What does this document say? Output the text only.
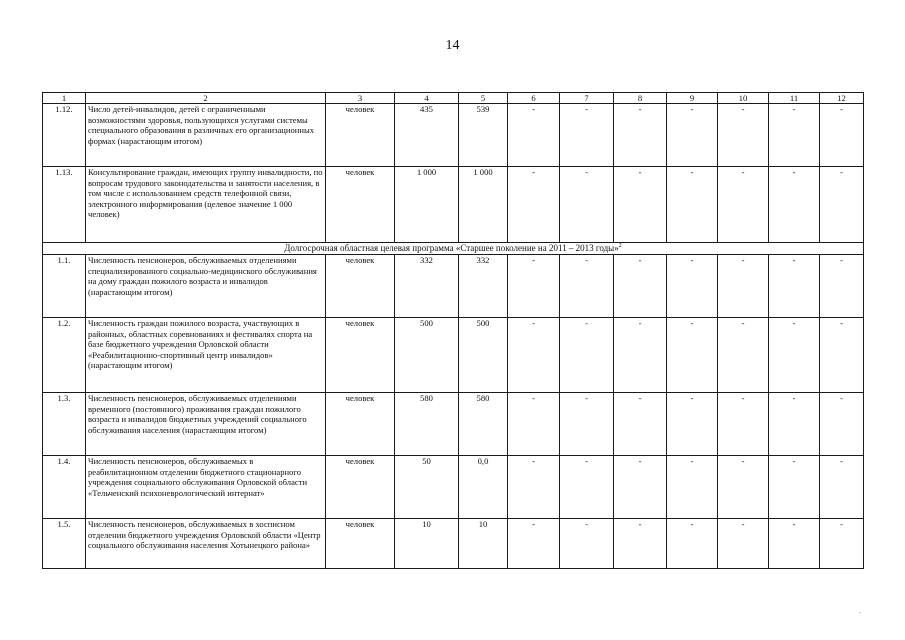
14
1	2	3	4	5	6	7	8	9	10	11	12
1.12.	Число детей-инвалидов, детей с ограниченными возможностями здоровья, пользующихся услугами системы специального образования в различных его организационных формах (нарастающим итогом)	человек	435	539	-	-	-	-	-	-	-
1.13.	Консультирование граждан, имеющих группу инвалидности, по вопросам трудового законодательства и занятости населения, в том числе с использованием средств телефонной связи, электронного информирования (целевое значение 1 000 человек)	человек	1 000	1 000	-	-	-	-	-	-	-
Долгосрочная областная целевая программа «Старшее поколение на 2011 – 2013 годы»$^2$
1.1.	Численность пенсионеров, обслуживаемых отделениями специализированного социально-медицинского обслуживания на дому граждан пожилого возраста и инвалидов (нарастающим итогом)	человек	332	332	-	-	-	-	-	-	-
1.2.	Численность граждан пожилого возраста, участвующих в районных, областных соревнованиях и фестивалях спорта на базе бюджетного учреждения Орловской области «Реабилитационно-спортивный центр инвалидов» (нарастающим итогом)	человек	500	500	-	-	-	-	-	-	-
1.3.	Численность пенсионеров, обслуживаемых отделениями временного (постоянного) проживания граждан пожилого возраста и инвалидов бюджетных учреждений социального обслуживания населения (нарастающим итогом)	человек	580	580	-	-	-	-	-	-	-
1.4.	Численность пенсионеров, обслуживаемых в реабилитационном отделении бюджетного стационарного учреждения социального обслуживания Орловской области «Тельченский психоневрологический интернат»	человек	50	0,0	-	-	-	-	-	-	-
1.5.	Численность пенсионеров, обслуживаемых в хосписном отделении бюджетного учреждения Орловской области «Центр социального обслуживания населения Хотынецкого района»	человек	10	10	-	-	-	-	-	-	-
.
